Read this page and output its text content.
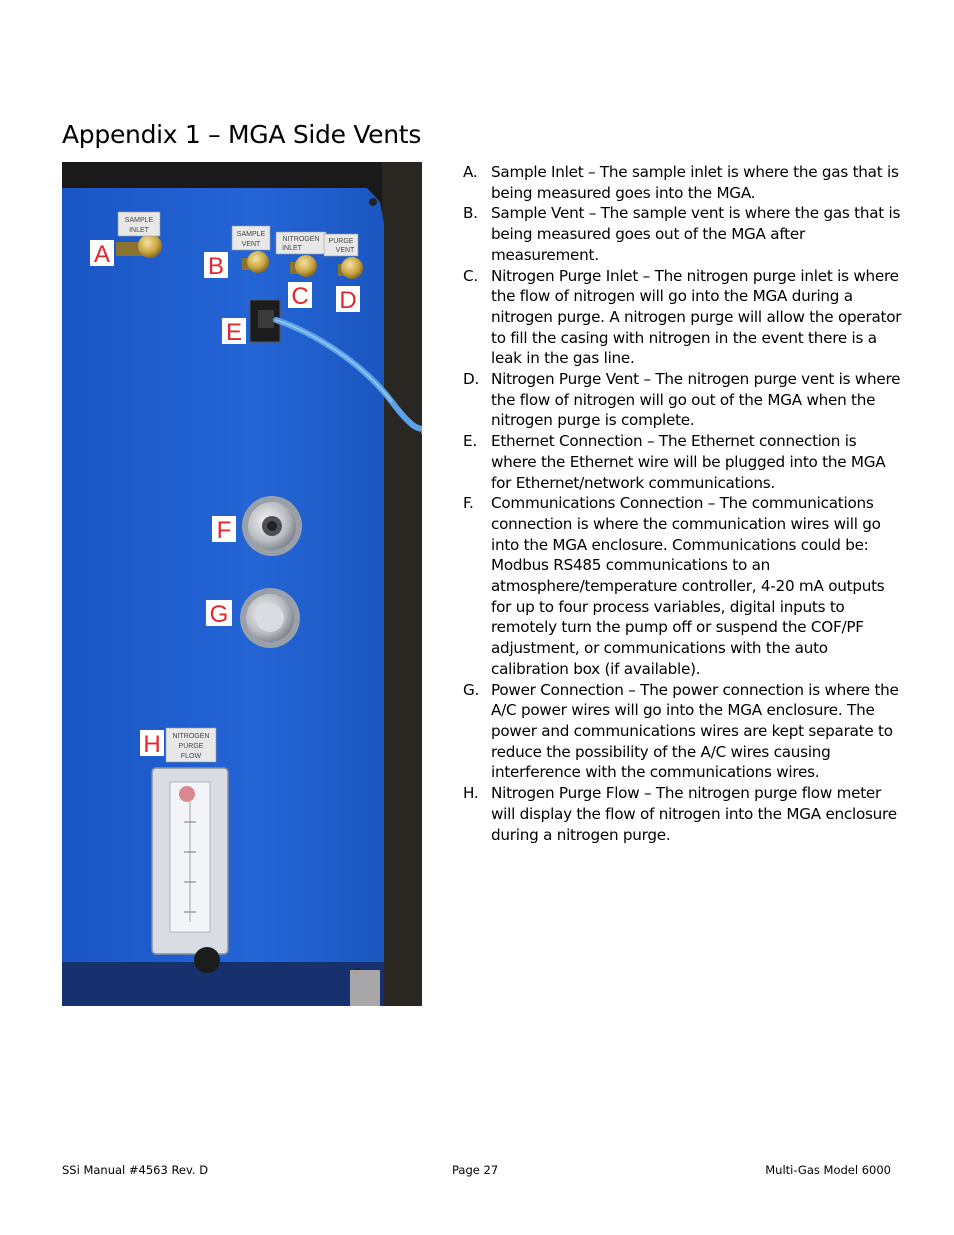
Appendix 1 – MGA Side Vents
SAMPLE
INLET
SAMPLE
VENT
NITROGEN
INLET
PURGE
VENT
NITROGEN
PURGE
FLOW
A	B
C D
E
F
G
H
A. Sample Inlet – The sample inlet is where the gas that is being measured goes into the MGA.
B. Sample Vent – The sample vent is where the gas that is being measured goes out of the MGA after measurement.
C. Nitrogen Purge Inlet – The nitrogen purge inlet is where the flow of nitrogen will go into the MGA during a nitrogen purge. A nitrogen purge will allow the operator to fill the casing with nitrogen in the event there is a leak in the gas line.
D. Nitrogen Purge Vent – The nitrogen purge vent is where the flow of nitrogen will go out of the MGA when the nitrogen purge is complete.
E. Ethernet Connection – The Ethernet connection is where the Ethernet wire will be plugged into the MGA for Ethernet/network communications.
F.	Communications Connection – The communications connection is where the communication wires will go into the MGA enclosure. Communications could be: Modbus RS485 communications to an atmosphere/temperature controller, 4-20 mA outputs for up to four process variables, digital inputs to remotely turn the pump off or suspend the COF/PF adjustment, or communications with the auto calibration box (if available).
G. Power Connection – The power connection is where the A/C power wires will go into the MGA enclosure. The power and communications wires are kept separate to reduce the possibility of the A/C wires causing interference with the communications wires.
H. Nitrogen Purge Flow – The nitrogen purge flow meter will display the flow of nitrogen into the MGA enclosure during a nitrogen purge.
SSi Manual #4563 Rev. D	Page 27	Multi-Gas Model 6000
